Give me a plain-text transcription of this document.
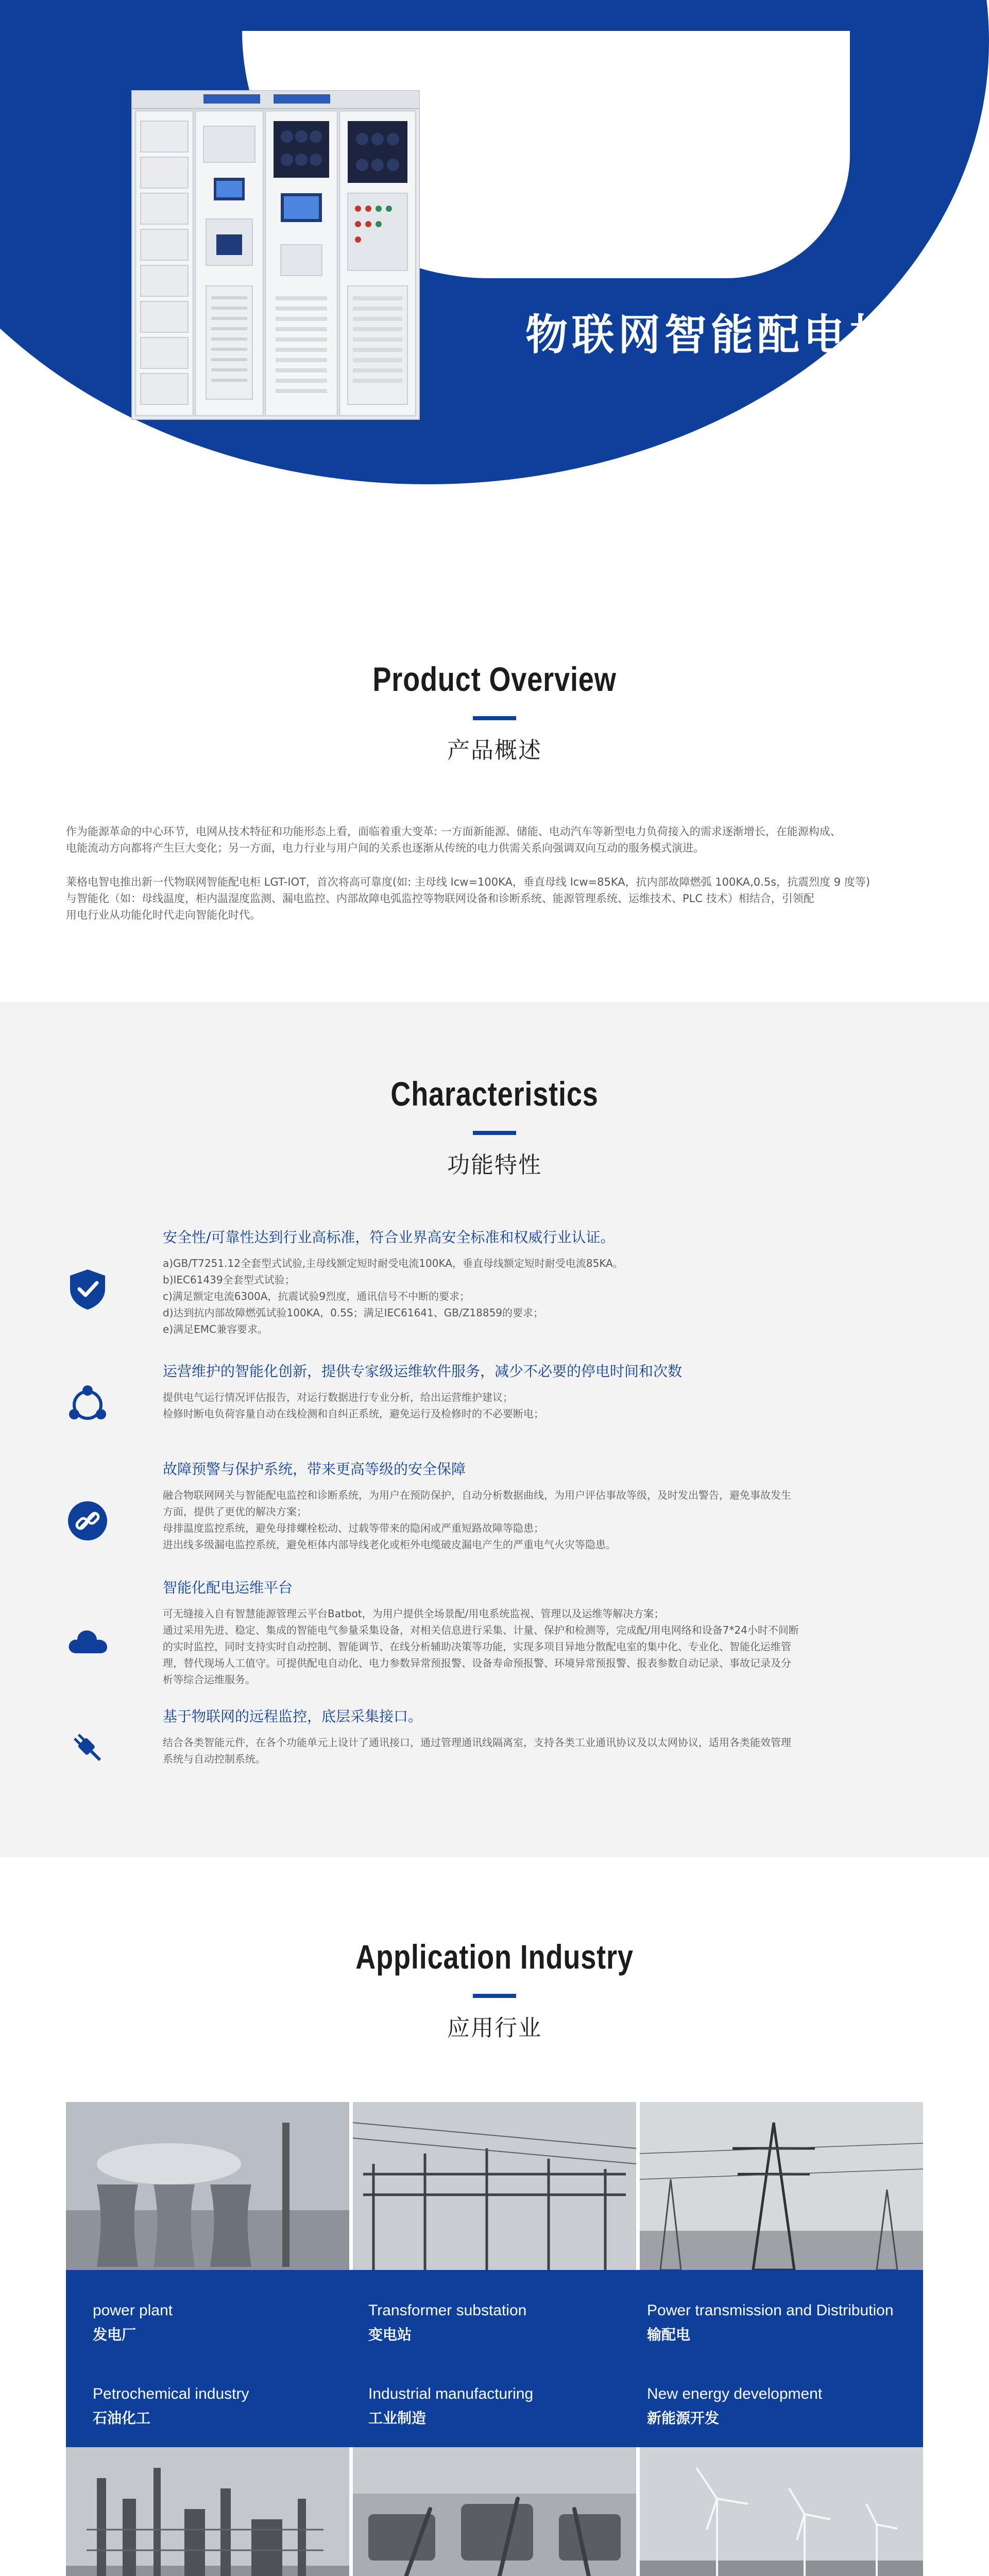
LGT-IOT
物联网智能配电柜
Product Overview
产品概述
作为能源革命的中心环节，电网从技术特征和功能形态上看，面临着重大变革: 一方面新能源、储能、电动汽车等新型电力负荷接入的需求逐渐增长，在能源构成、
电能流动方向都将产生巨大变化；另一方面，电力行业与用户间的关系也逐渐从传统的电力供需关系向强调双向互动的服务模式演进。
莱格电智电推出新一代物联网智能配电柜 LGT-IOT，首次将高可靠度(如: 主母线 Icw=100KA，垂直母线 Icw=85KA，抗内部故障燃弧 100KA,0.5s，抗震烈度 9 度等)
与智能化（如：母线温度，柜内温湿度监测、漏电监控、内部故障电弧监控等物联网设备和诊断系统、能源管理系统、运维技术、PLC 技术）相结合，引领配
用电行业从功能化时代走向智能化时代。
Characteristics
功能特性
安全性/可靠性达到行业高标准，符合业界高安全标准和权威行业认证。
a)GB/T7251.12全套型式试验,主母线额定短时耐受电流100KA，垂直母线额定短时耐受电流85KA。
b)IEC61439全套型式试验；
c)满足额定电流6300A，抗震试验9烈度，通讯信号不中断的要求；
d)达到抗内部故障燃弧试验100KA，0.5S；满足IEC61641、GB/Z18859的要求；
e)满足EMC兼容要求。
运营维护的智能化创新，提供专家级运维软件服务，减少不必要的停电时间和次数
提供电气运行情况评估报告，对运行数据进行专业分析，给出运营维护建议；
检修时断电负荷容量自动在线检测和自纠正系统，避免运行及检修时的不必要断电；
故障预警与保护系统，带来更高等级的安全保障
融合物联网网关与智能配电监控和诊断系统，为用户在预防保护，自动分析数据曲线，为用户评估事故等级，及时发出警告，避免事故发生
方面，提供了更优的解决方案；
母排温度监控系统，避免母排螺栓松动、过载等带来的隐闲或严重短路故障等隐患；
进出线多级漏电监控系统，避免柜体内部导线老化或柜外电缆破皮漏电产生的严重电气火灾等隐患。
智能化配电运维平台
可无缝接入自有智慧能源管理云平台Batbot，为用户提供全场景配/用电系统监视、管理以及运维等解决方案；
通过采用先进、稳定、集成的智能电气参量采集设备，对相关信息进行采集、计量、保护和检测等，完成配/用电网络和设备7*24小时不间断
的实时监控，同时支持实时自动控制、智能调节、在线分析辅助决策等功能，实现多项目异地分散配电室的集中化、专业化、智能化运维管
理，替代现场人工值守。可提供配电自动化、电力参数异常预报警、设备寿命预报警、环境异常预报警、报表参数自动记录、事故记录及分
析等综合运维服务。
基于物联网的远程监控，底层采集接口。
结合各类智能元件，在各个功能单元上设计了通讯接口，通过管理通讯线隔离室，支持各类工业通讯协议及以太网协议，适用各类能效管理
系统与自动控制系统。
Application Industry
应用行业
power plant
发电厂
Transformer substation
变电站
Power transmission and Distribution
输配电
Petrochemical industry
石油化工
Industrial manufacturing
工业制造
New energy development
新能源开发
